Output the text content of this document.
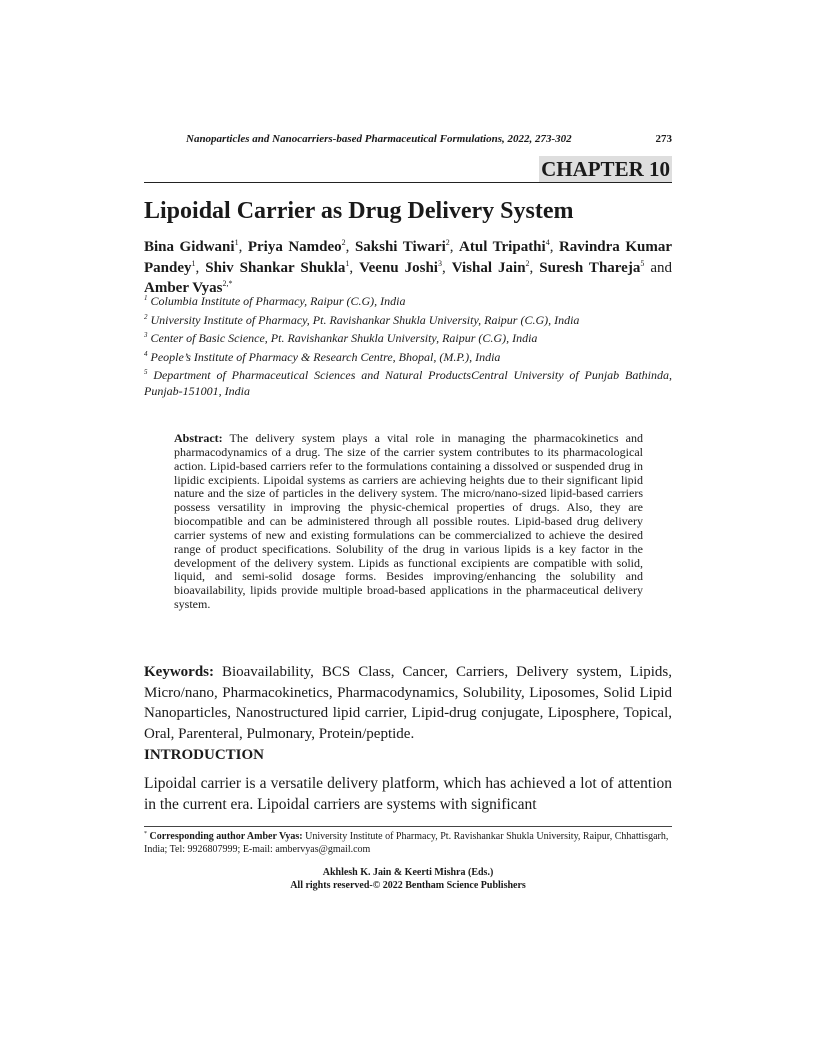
Nanoparticles and Nanocarriers-based Pharmaceutical Formulations, 2022, 273-302	273
CHAPTER 10
Lipoidal Carrier as Drug Delivery System

Bina Gidwani$^1$, Priya Namdeo$^2$, Sakshi Tiwari$^2$, Atul Tripathi$^4$, Ravindra Kumar Pandey$^1$, Shiv Shankar Shukla$^1$, Veenu Joshi$^3$, Vishal Jain$^2$, Suresh Thareja$^5$ and Amber Vyas$^{2,*}$

$^1$ Columbia Institute of Pharmacy, Raipur (C.G), India

$^2$ University Institute of Pharmacy, Pt. Ravishankar Shukla University, Raipur (C.G), India

$^3$ Center of Basic Science, Pt. Ravishankar Shukla University, Raipur (C.G), India

$^4$ People’s Institute of Pharmacy & Research Centre, Bhopal, (M.P.), India

$^5$ Department of Pharmaceutical Sciences and Natural ProductsCentral University of Punjab Bathinda, Punjab-151001, India

Abstract: The delivery system plays a vital role in managing the pharmacokinetics and pharmacodynamics of a drug. The size of the carrier system contributes to its pharmacological action. Lipid-based carriers refer to the formulations containing a dissolved or suspended drug in lipidic excipients. Lipoidal systems as carriers are achieving heights due to their significant lipid nature and the size of particles in the delivery system. The micro/nano-sized lipid-based carriers possess versatility in improving the physic-chemical properties of drugs. Also, they are biocompatible and can be administered through all possible routes. Lipid-based drug delivery carrier systems of new and existing formulations can be commercialized to achieve the desired range of product specifications. Solubility of the drug in various lipids is a key factor in the development of the delivery system. Lipids as functional excipients are compatible with solid, liquid, and semi-solid dosage forms. Besides improving/enhancing the solubility and bioavailability, lipids provide multiple broad-based applications in the pharmaceutical delivery system.

Keywords: Bioavailability, BCS Class, Cancer, Carriers, Delivery system, Lipids, Micro/nano, Pharmacokinetics, Pharmacodynamics, Solubility, Liposomes, Solid Lipid Nanoparticles, Nanostructured lipid carrier, Lipid-drug conjugate, Liposphere, Topical, Oral, Parenteral, Pulmonary, Protein/peptide.

INTRODUCTION

Lipoidal carrier is a versatile delivery platform, which has achieved a lot of attention in the current era. Lipoidal carriers are systems with significant

* Corresponding author Amber Vyas: University Institute of Pharmacy, Pt. Ravishankar Shukla University, Raipur, Chhattisgarh, India; Tel: 9926807999; E-mail: ambervyas@gmail.com

Akhlesh K. Jain & Keerti Mishra (Eds.)
All rights reserved-© 2022 Bentham Science Publishers
